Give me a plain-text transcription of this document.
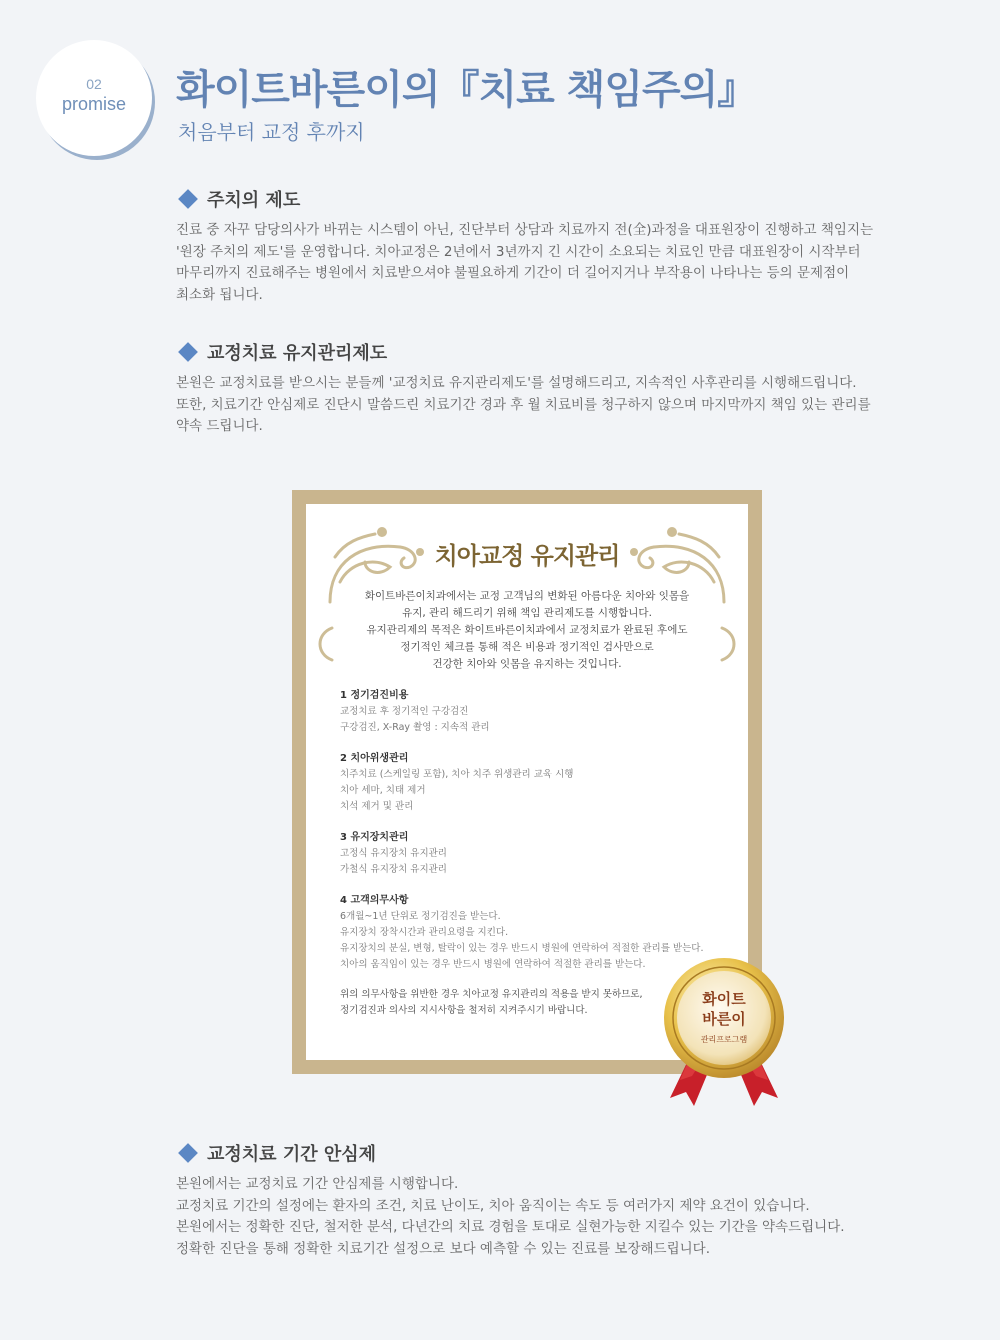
02
promise	화이트바른이의『치료 책임주의』
처음부터 교정 후까지
주치의 제도

진료 중 자꾸 담당의사가 바뀌는 시스템이 아닌, 진단부터 상담과 치료까지 전(全)과정을 대표원장이 진행하고 책임지는

'원장 주치의 제도'를 운영합니다. 치아교정은 2년에서 3년까지 긴 시간이 소요되는 치료인 만큼 대표원장이 시작부터

마무리까지 진료해주는 병원에서 치료받으셔야 불필요하게 기간이 더 길어지거나 부작용이 나타나는 등의 문제점이

최소화 됩니다.

교정치료 유지관리제도

본원은 교정치료를 받으시는 분들께 '교정치료 유지관리제도'를 설명해드리고, 지속적인 사후관리를 시행해드립니다.

또한, 치료기간 안심제로 진단시 말씀드린 치료기간 경과 후 월 치료비를 청구하지 않으며 마지막까지 책임 있는 관리를

약속 드립니다.

치아교정 유지관리
화이트바른이치과에서는 교정 고객님의 변화된 아름다운 치아와 잇몸을
유지, 관리 해드리기 위해 책임 관리제도를 시행합니다.
유지관리제의 목적은 화이트바른이치과에서 교정치료가 완료된 후에도
정기적인 체크를 통해 적은 비용과 정기적인 검사만으로
건강한 치아와 잇몸을 유지하는 것입니다.
1 정기검진비용
교정치료 후 정기적인 구강검진
구강검진, X-Ray 촬영 : 지속적 관리
2 치아위생관리
치주치료 (스케일링 포함), 치아 치주 위생관리 교육 시행
치아 세마, 치태 제거
치석 제거 및 관리
3 유지장치관리
고정식 유지장치 유지관리
가철식 유지장치 유지관리
4 고객의무사항
6개월~1년 단위로 정기검진을 받는다.
유지장치 장착시간과 관리요령을 지킨다.
유지장치의 분실, 변형, 탈락이 있는 경우 반드시 병원에 연락하여 적절한 관리를 받는다.
치아의 움직임이 있는 경우 반드시 병원에 연락하여 적절한 관리를 받는다.
위의 의무사항을 위반한 경우 치아교정 유지관리의 적용을 받지 못하므로,
정기검진과 의사의 지시사항을 철저히 지켜주시기 바랍니다.
화이트
바른이
관리프로그램
교정치료 기간 안심제

본원에서는 교정치료 기간 안심제를 시행합니다.

교정치료 기간의 설정에는 환자의 조건, 치료 난이도, 치아 움직이는 속도 등 여러가지 제약 요건이 있습니다.

본원에서는 정확한 진단, 철저한 분석, 다년간의 치료 경험을 토대로 실현가능한 지킬수 있는 기간을 약속드립니다.

정확한 진단을 통해 정확한 치료기간 설정으로 보다 예측할 수 있는 진료를 보장해드립니다.
